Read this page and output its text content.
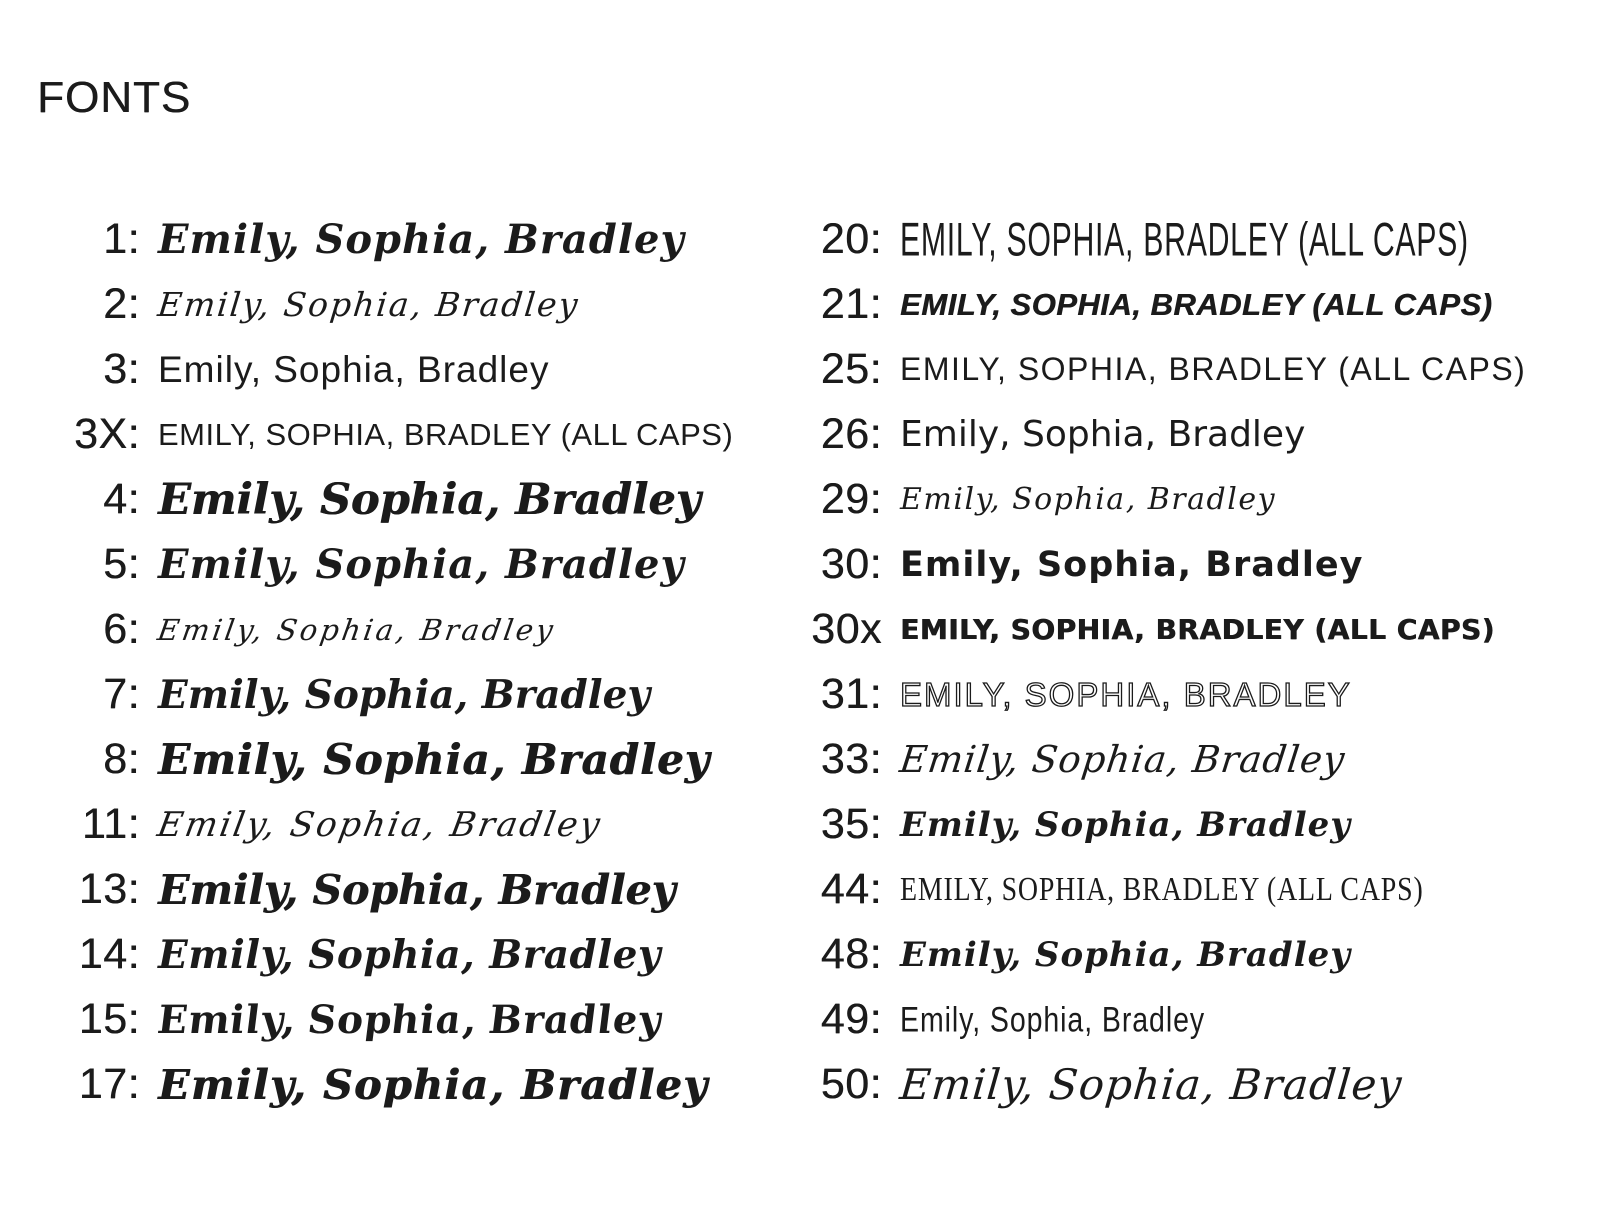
FONTS
1: Emily, Sophia, Bradley
2: Emily, Sophia, Bradley
3: Emily, Sophia, Bradley
3X: EMILY, SOPHIA, BRADLEY (ALL CAPS)
4: Emily, Sophia, Bradley
5: Emily, Sophia, Bradley
6: Emily, Sophia, Bradley
7: Emily, Sophia, Bradley
8: Emily, Sophia, Bradley
11: Emily, Sophia, Bradley
13: Emily, Sophia, Bradley
14: Emily, Sophia, Bradley
15: Emily, Sophia, Bradley
17: Emily, Sophia, Bradley
20: EMILY, SOPHIA, BRADLEY (ALL CAPS)
21: EMILY, SOPHIA, BRADLEY (ALL CAPS)
25: EMILY, SOPHIA, BRADLEY (ALL CAPS)
26: Emily, Sophia, Bradley
29: Emily, Sophia, Bradley
30: Emily, Sophia, Bradley
30x EMILY, SOPHIA, BRADLEY (ALL CAPS)
31: EMILY, SOPHIA, BRADLEY
33: Emily, Sophia, Bradley
35: Emily, Sophia, Bradley
44: EMILY, SOPHIA, BRADLEY (ALL CAPS)
48: Emily, Sophia, Bradley
49: Emily, Sophia, Bradley
50: Emily, Sophia, Bradley
